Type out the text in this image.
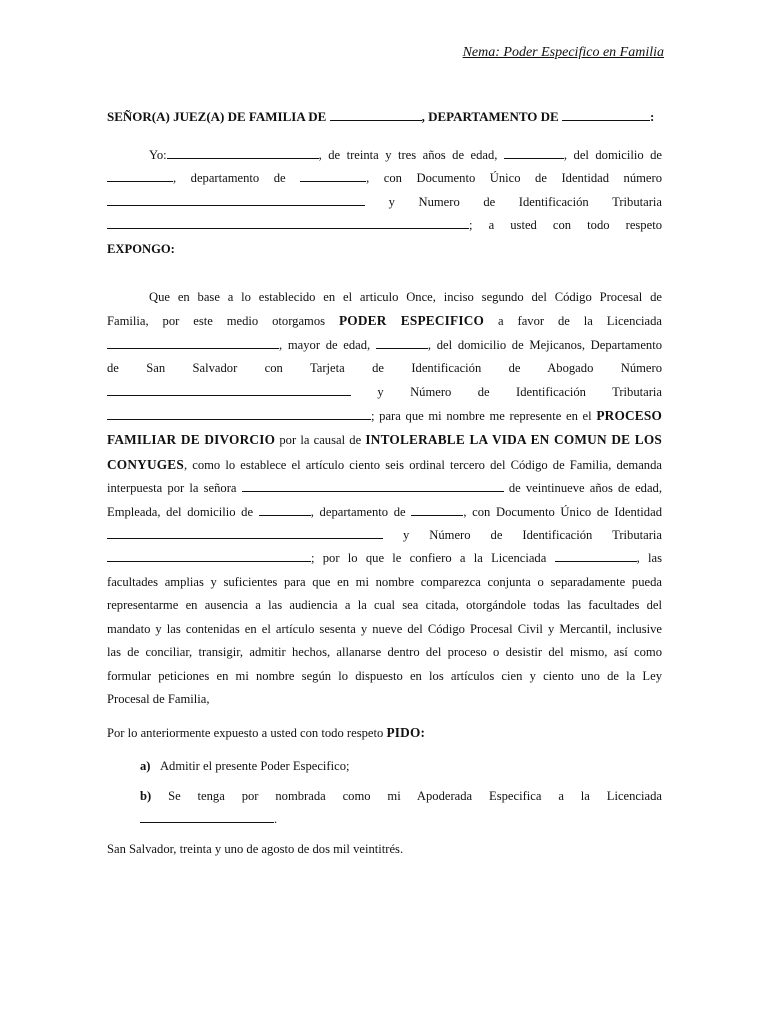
Nema: Poder Especifico en Familia
SEÑOR(A) JUEZ(A) DE FAMILIA DE	, DEPARTAMENTO DE	:
Yo:	, de treinta y tres años de edad,	, del domicilio de
, departamento de	, con Documento Único de Identidad número
y Numero de Identificación Tributaria
; a usted con todo respeto
EXPONGO:
Que en base a lo establecido en el articulo Once, inciso segundo del Código Procesal de
Familia, por este medio otorgamos PODER ESPECIFICO a favor de la Licenciada
, mayor de edad,	, del domicilio de Mejicanos, Departamento
de San Salvador con Tarjeta de Identificación de Abogado Número
y Número de Identificación Tributaria
; para que mi nombre me represente en el PROCESO
FAMILIAR DE DIVORCIO por la causal de INTOLERABLE LA VIDA EN COMUN DE LOS
CONYUGES, como lo establece el artículo ciento seis ordinal tercero del Código de Familia, demanda
interpuesta por la señora	de veintinueve años de edad,
Empleada, del domicilio de	, departamento de	, con Documento Único de Identidad
y Número de Identificación Tributaria
; por lo que le confiero a la Licenciada	, las
facultades amplias y suficientes para que en mi nombre comparezca conjunta o separadamente pueda
representarme en ausencia a las audiencia a la cual sea citada, otorgándole todas las facultades del
mandato y las contenidas en el artículo sesenta y nueve del Código Procesal Civil y Mercantil, inclusive
las de conciliar, transigir, admitir hechos, allanarse dentro del proceso o desistir del mismo, así como
formular peticiones en mi nombre según lo dispuesto en los artículos cien y ciento uno de la Ley
Procesal de Familia,
Por lo anteriormente expuesto a usted con todo respeto PIDO:
a) Admitir el presente Poder Especifico;
b) Se tenga por nombrada como mi Apoderada Especifica a la Licenciada
.
San Salvador, treinta y uno de agosto de dos mil veintitrés.
